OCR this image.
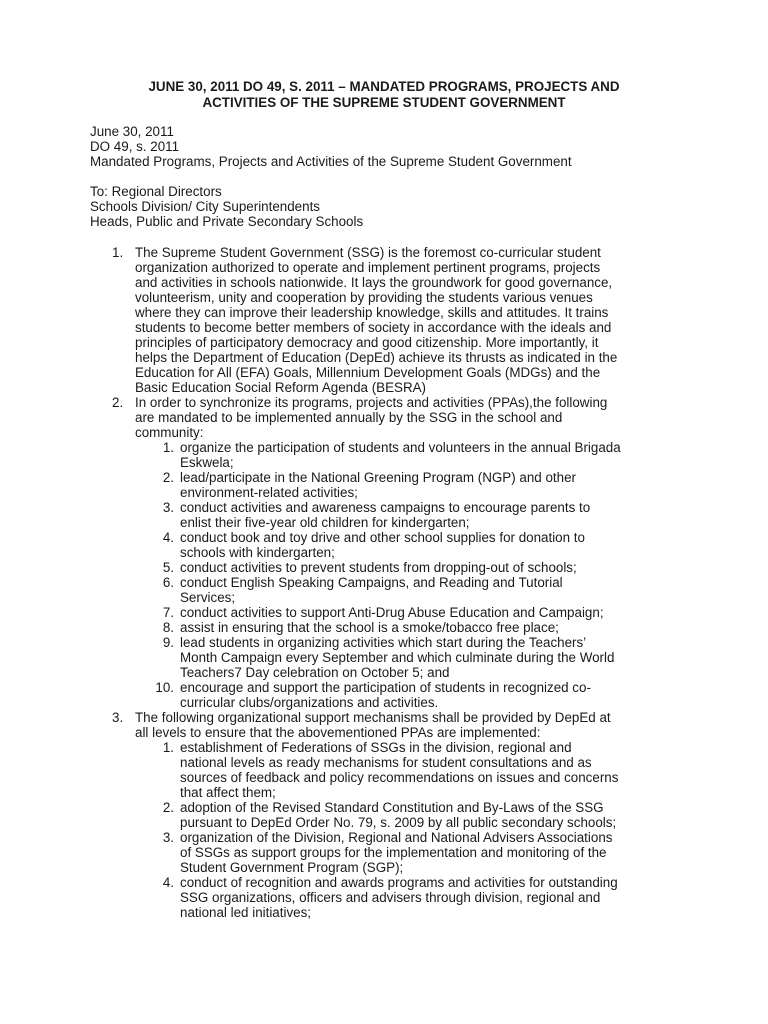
JUNE 30, 2011 DO 49, S. 2011 – MANDATED PROGRAMS, PROJECTS AND
ACTIVITIES OF THE SUPREME STUDENT GOVERNMENT
June 30, 2011
DO 49, s. 2011
Mandated Programs, Projects and Activities of the Supreme Student Government
To: Regional Directors
Schools Division/ City Superintendents
Heads, Public and Private Secondary Schools
1. The Supreme Student Government (SSG) is the foremost co-curricular student
organization authorized to operate and implement pertinent programs, projects
and activities in schools nationwide. It lays the groundwork for good governance,
volunteerism, unity and cooperation by providing the students various venues
where they can improve their leadership knowledge, skills and attitudes. It trains
students to become better members of society in accordance with the ideals and
principles of participatory democracy and good citizenship. More importantly, it
helps the Department of Education (DepEd) achieve its thrusts as indicated in the
Education for All (EFA) Goals, Millennium Development Goals (MDGs) and the
Basic Education Social Reform Agenda (BESRA)
2. In order to synchronize its programs, projects and activities (PPAs),the following
are mandated to be implemented annually by the SSG in the school and
community:
1. organize the participation of students and volunteers in the annual Brigada
Eskwela;
2. lead/participate in the National Greening Program (NGP) and other
environment-related activities;
3. conduct activities and awareness campaigns to encourage parents to
enlist their five-year old children for kindergarten;
4. conduct book and toy drive and other school supplies for donation to
schools with kindergarten;
5. conduct activities to prevent students from dropping-out of schools;
6. conduct English Speaking Campaigns, and Reading and Tutorial
Services;
7. conduct activities to support Anti-Drug Abuse Education and Campaign;
8. assist in ensuring that the school is a smoke/tobacco free place;
9. lead students in organizing activities which start during the Teachers’
Month Campaign every September and which culminate during the World
Teachers7 Day celebration on October 5; and
10. encourage and support the participation of students in recognized co-
curricular clubs/organizations and activities.
3. The following organizational support mechanisms shall be provided by DepEd at
all levels to ensure that the abovementioned PPAs are implemented:
1. establishment of Federations of SSGs in the division, regional and
national levels as ready mechanisms for student consultations and as
sources of feedback and policy recommendations on issues and concerns
that affect them;
2. adoption of the Revised Standard Constitution and By-Laws of the SSG
pursuant to DepEd Order No. 79, s. 2009 by all public secondary schools;
3. organization of the Division, Regional and National Advisers Associations
of SSGs as support groups for the implementation and monitoring of the
Student Government Program (SGP);
4. conduct of recognition and awards programs and activities for outstanding
SSG organizations, officers and advisers through division, regional and
national led initiatives;
